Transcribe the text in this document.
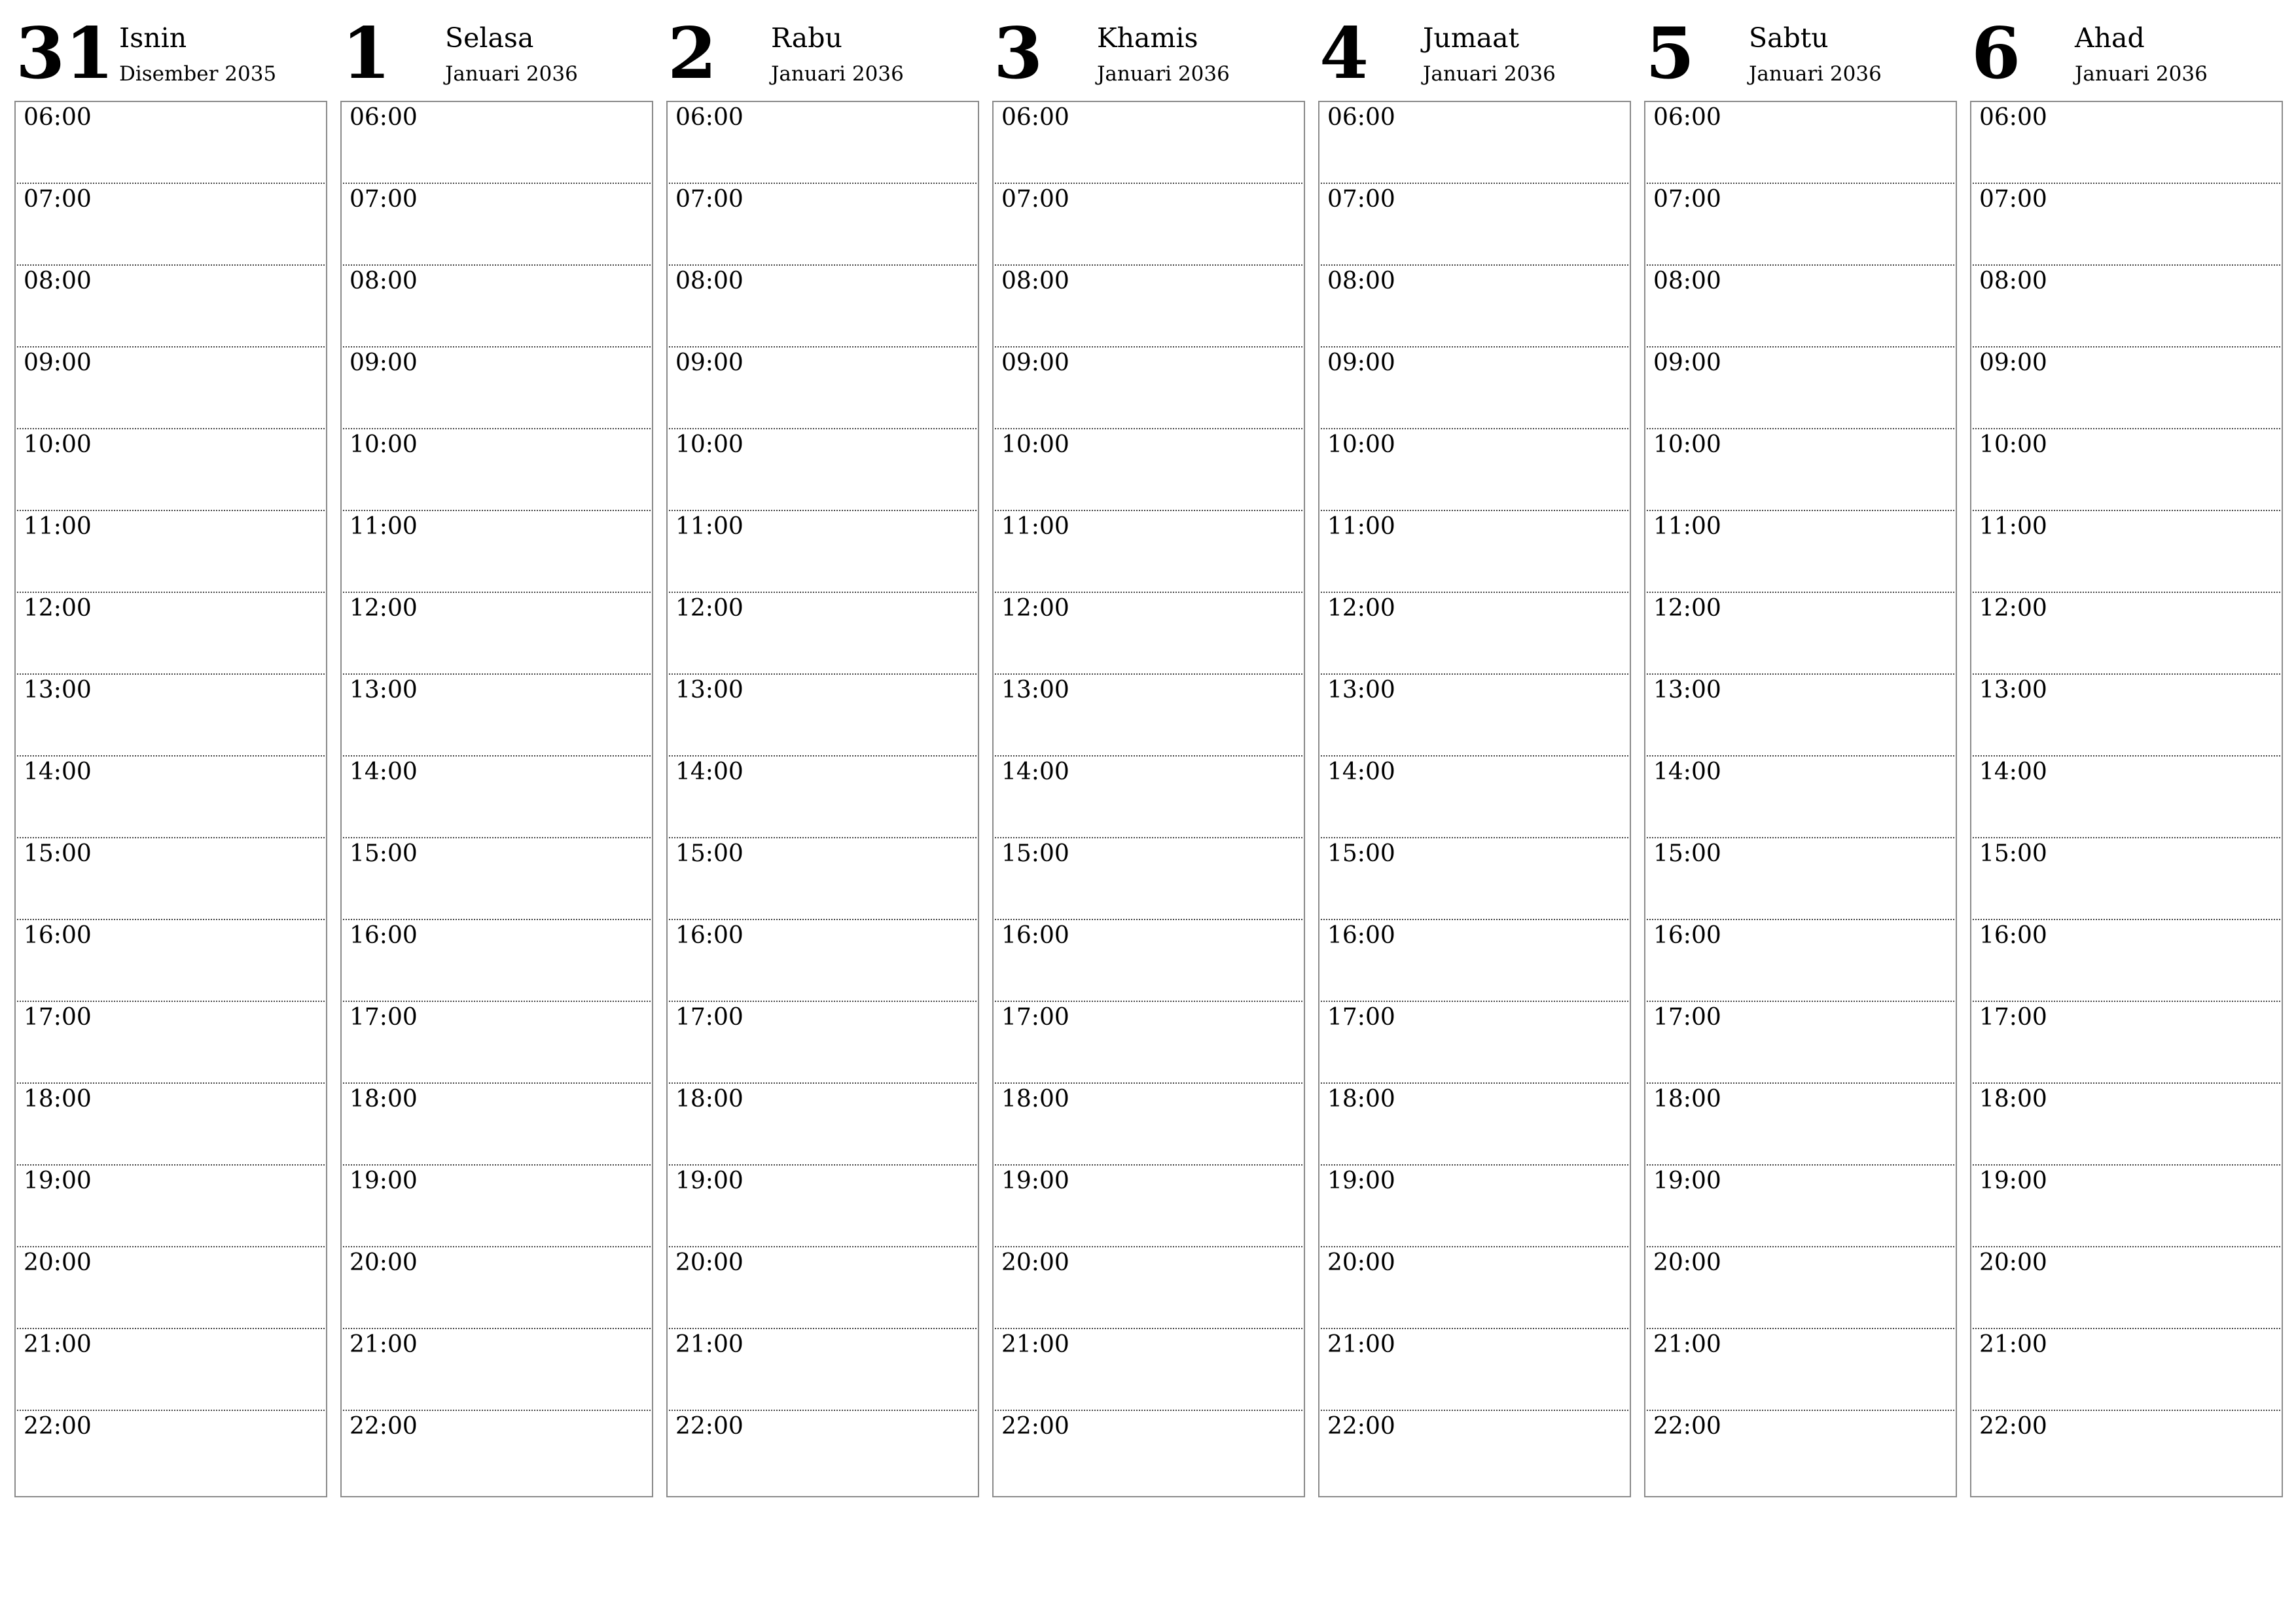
31 Isnin
Disember 2035
06:00
07:00
08:00
09:00
10:00
11:00
12:00
13:00
14:00
15:00
16:00
17:00
18:00
19:00
20:00
21:00
22:00
1 Selasa
Januari 2036
06:00
07:00
08:00
09:00
10:00
11:00
12:00
13:00
14:00
15:00
16:00
17:00
18:00
19:00
20:00
21:00
22:00
2 Rabu
Januari 2036
06:00
07:00
08:00
09:00
10:00
11:00
12:00
13:00
14:00
15:00
16:00
17:00
18:00
19:00
20:00
21:00
22:00
3 Khamis
Januari 2036
06:00
07:00
08:00
09:00
10:00
11:00
12:00
13:00
14:00
15:00
16:00
17:00
18:00
19:00
20:00
21:00
22:00
4 Jumaat
Januari 2036
06:00
07:00
08:00
09:00
10:00
11:00
12:00
13:00
14:00
15:00
16:00
17:00
18:00
19:00
20:00
21:00
22:00
5 Sabtu
Januari 2036
06:00
07:00
08:00
09:00
10:00
11:00
12:00
13:00
14:00
15:00
16:00
17:00
18:00
19:00
20:00
21:00
22:00
6 Ahad
Januari 2036
06:00
07:00
08:00
09:00
10:00
11:00
12:00
13:00
14:00
15:00
16:00
17:00
18:00
19:00
20:00
21:00
22:00
